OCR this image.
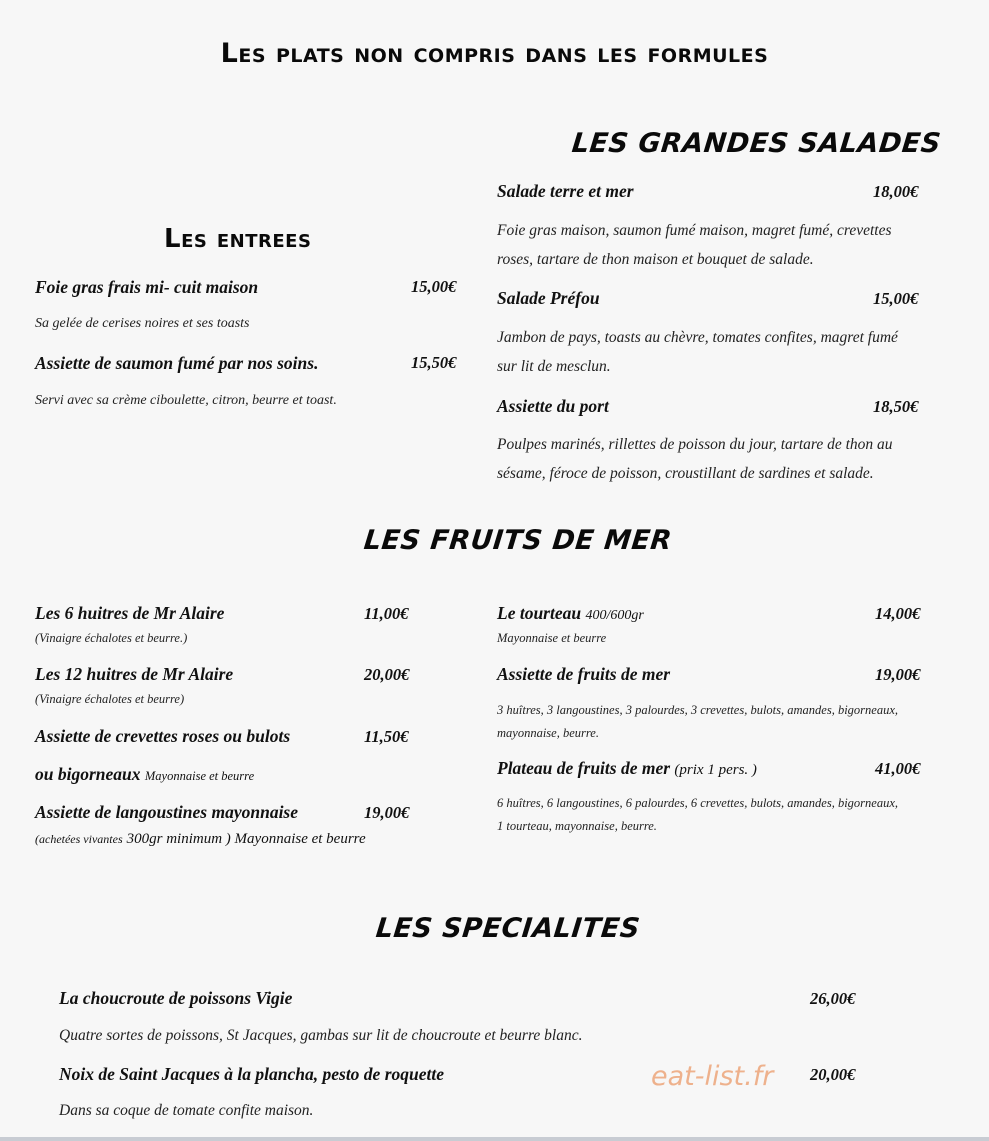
Les plats non compris dans les formules
Les entrees
Foie gras frais mi- cuit maison	15,00€
Sa gelée de cerises noires et ses toasts
Assiette de saumon fumé par nos soins.	15,50€
Servi avec sa crème ciboulette, citron, beurre et toast.
LES GRANDES SALADES
Salade terre et mer	18,00€
Foie gras maison, saumon fumé maison, magret fumé, crevettes
roses, tartare de thon maison et bouquet de salade.
Salade Préfou	15,00€
Jambon de pays, toasts au chèvre, tomates confites, magret fumé
sur lit de mesclun.
Assiette du port	18,50€
Poulpes marinés, rillettes de poisson du jour, tartare de thon au
sésame, féroce de poisson, croustillant de sardines et salade.
LES FRUITS DE MER
Les 6 huitres de Mr Alaire	11,00€
(Vinaigre échalotes et beurre.)
Les 12 huitres de Mr Alaire	20,00€
(Vinaigre échalotes et beurre)
Assiette de crevettes roses ou bulots	11,50€
ou bigorneaux Mayonnaise et beurre
Assiette de langoustines mayonnaise	19,00€
(achetées vivantes 300gr minimum ) Mayonnaise et beurre
Le tourteau 400/600gr	14,00€
Mayonnaise et beurre
Assiette de fruits de mer	19,00€
3 huîtres, 3 langoustines, 3 palourdes, 3 crevettes, bulots, amandes, bigorneaux,
mayonnaise, beurre.
Plateau de fruits de mer (prix 1 pers. )	41,00€
6 huîtres, 6 langoustines, 6 palourdes, 6 crevettes, bulots, amandes, bigorneaux,
1 tourteau, mayonnaise, beurre.
LES SPECIALITES
La choucroute de poissons Vigie	26,00€
Quatre sortes de poissons, St Jacques, gambas sur lit de choucroute et beurre blanc.
Noix de Saint Jacques à la plancha, pesto de roquette	20,00€
Dans sa coque de tomate confite maison.
eat-list.fr
